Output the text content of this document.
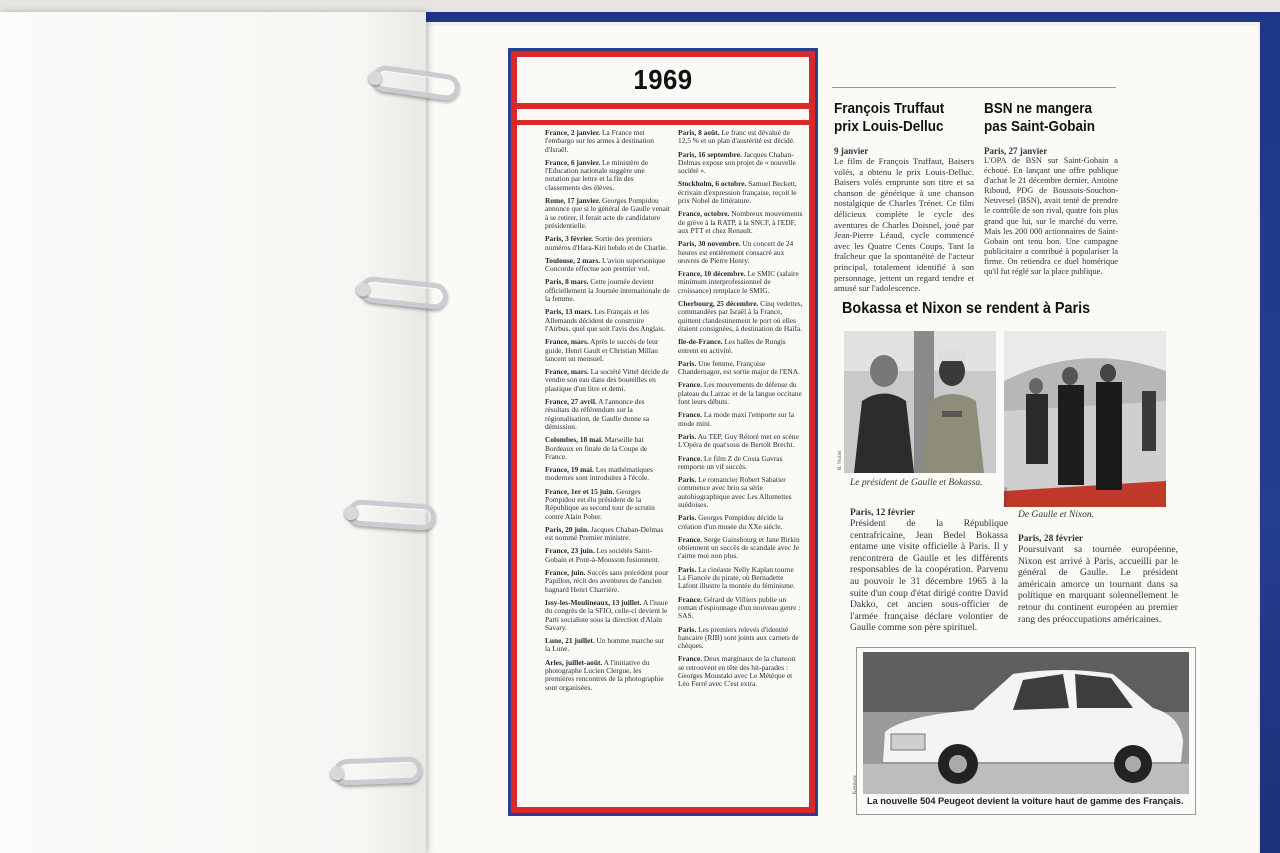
1969
France, 2 janvier. La France met l'embargo sur les armes à destination d'Israël.
France, 6 janvier. Le ministère de l'Education nationale suggère une notation par lettre et la fin des classements des élèves.
Rome, 17 janvier. Georges Pompidou annonce que si le général de Gaulle venait à se retirer, il ferait acte de candidature présidentielle.
Paris, 3 février. Sortie des premiers numéros d'Hara-Kiri hebdo et de Charlie.
Toulouse, 2 mars. L'avion supersonique Concorde effectue son premier vol.
Paris, 8 mars. Cette journée devient officiellement la Journée internationale de la femme.
Paris, 13 mars. Les Français et les Allemands décident de construire l'Airbus, quel que soit l'avis des Anglais.
France, mars. Après le succès de leur guide, Henri Gault et Christian Millau lancent un mensuel.
France, mars. La société Vittel décide de vendre son eau dans des bouteilles en plastique d'un litre et demi.
France, 27 avril. A l'annonce des résultats du référendum sur la régionalisation, de Gaulle donne sa démission.
Colombes, 18 mai. Marseille bat Bordeaux en finale de la Coupe de France.
France, 19 mai. Les mathématiques modernes sont introduites à l'école.
France, 1er et 15 juin. Georges Pompidou est élu président de la République au second tour de scrutin contre Alain Poher.
Paris, 20 juin. Jacques Chaban-Delmas est nommé Premier ministre.
France, 23 juin. Les sociétés Saint-Gobain et Pont-à-Mousson fusionnent.
France, juin. Succès sans précédent pour Papillon, récit des aventures de l'ancien bagnard Henri Charrière.
Issy-les-Moulineaux, 13 juillet. A l'issue du congrès de la SFIO, celle-ci devient le Parti socialiste sous la direction d'Alain Savary.
Lune, 21 juillet. Un homme marche sur la Lune.
Arles, juillet-août. A l'initiative du photographe Lucien Clergue, les premières rencontres de la photographie sont organisées.
Paris, 8 août. Le franc est dévalué de 12,5 % et un plan d'austérité est décidé.
Paris, 16 septembre. Jacques Chaban-Delmas expose son projet de « nouvelle société ».
Stockholm, 6 octobre. Samuel Beckett, écrivain d'expression française, reçoit le prix Nobel de littérature.
France, octobre. Nombreux mouvements de grève à la RATP, à la SNCF, à l'EDF, aux PTT et chez Renault.
Paris, 30 novembre. Un concert de 24 heures est entièrement consacré aux œuvres de Pierre Henry.
France, 10 décembre. Le SMIC (salaire minimum interprofessionnel de croissance) remplace le SMIG.
Cherbourg, 25 décembre. Cinq vedettes, commandées par Israël à la France, quittent clandestinement le port où elles étaient consignées, à destination de Haïfa.
Ile-de-France. Les halles de Rungis entrent en activité.
Paris. Une femme, Françoise Chandernagor, est sortie major de l'ENA.
France. Les mouvements de défense du plateau du Larzac et de la langue occitane font leurs débuts.
France. La mode maxi l'emporte sur la mode mini.
Paris. Au TEP, Guy Rétoré met en scène L'Opéra de quat'sous de Bertolt Brecht.
France. Le film Z de Costa Gavras remporte un vif succès.
Paris. Le romancier Robert Sabatier commence avec brio sa série autobiographique avec Les Allumettes suédoises.
Paris. Georges Pompidou décide la création d'un musée du XXe siècle.
France. Serge Gainsbourg et Jane Birkin obtiennent un succès de scandale avec Je t'aime moi non plus.
Paris. La cinéaste Nelly Kaplan tourne La Fiancée du pirate, où Bernadette Lafont illustre la montée du féminisme.
France. Gérard de Villiers publie un roman d'espionnage d'un nouveau genre : SAS.
Paris. Les premiers relevés d'identité bancaire (RIB) sont joints aux carnets de chèques.
France. Deux marginaux de la chanson se retrouvent en tête des hit-parades : Georges Moustaki avec Le Métèque et Léo Ferré avec C'est extra.
François Truffaut
prix Louis-Delluc
9 janvier
Le film de François Truffaut, Baisers volés, a obtenu le prix Louis-Delluc. Baisers volés emprunte son titre et sa chanson de générique à une chanson nostalgique de Charles Trénet. Ce film délicieux complète le cycle des aventures de Charles Doisnel, joué par Jean-Pierre Léaud, cycle commencé avec les Quatre Cents Coups. Tant la fraîcheur que la spontanéité de l'acteur principal, totalement identifié à son personnage, jettent un regard tendre et amusé sur l'adolescence.
BSN ne mangera
pas Saint-Gobain
Paris, 27 janvier
L'OPA de BSN sur Saint-Gobain a échoué. En lançant une offre publique d'achat le 21 décembre dernier, Antoine Riboud, PDG de Boussois-Souchon-Neuvesel (BSN), avait tenté de prendre le contrôle de son rival, quatre fois plus grand que lui, sur le marché du verre. Mais les 200 000 actionnaires de Saint-Gobain ont tenu bon. Une campagne publicitaire a contribué à populariser la firme. On retiendra ce duel homérique qu'il fut réglé sur la place publique.
Bokassa et Nixon se rendent à Paris
Le président de Gaulle et Bokassa.
R. Viollet
De Gaulle et Nixon.
Keystone
Paris, 12 février
Président de la République centrafricaine, Jean Bedel Bokassa entame une visite officielle à Paris. Il y rencontrera de Gaulle et les différents responsables de la coopération. Parvenu au pouvoir le 31 décembre 1965 à la suite d'un coup d'état dirigé contre David Dakko, cet ancien sous-officier de l'armée française déclare volontier de Gaulle comme son père spirituel.
Paris, 28 février
Poursuivant sa tournée européenne, Nixon est arrivé à Paris, accueilli par le général de Gaulle. Le président américain amorce un tournant dans sa politique en marquant solennellement le retour du continent européen au premier rang des préoccupations américaines.
Keystone
La nouvelle 504 Peugeot devient la voiture haut de gamme des Français.
